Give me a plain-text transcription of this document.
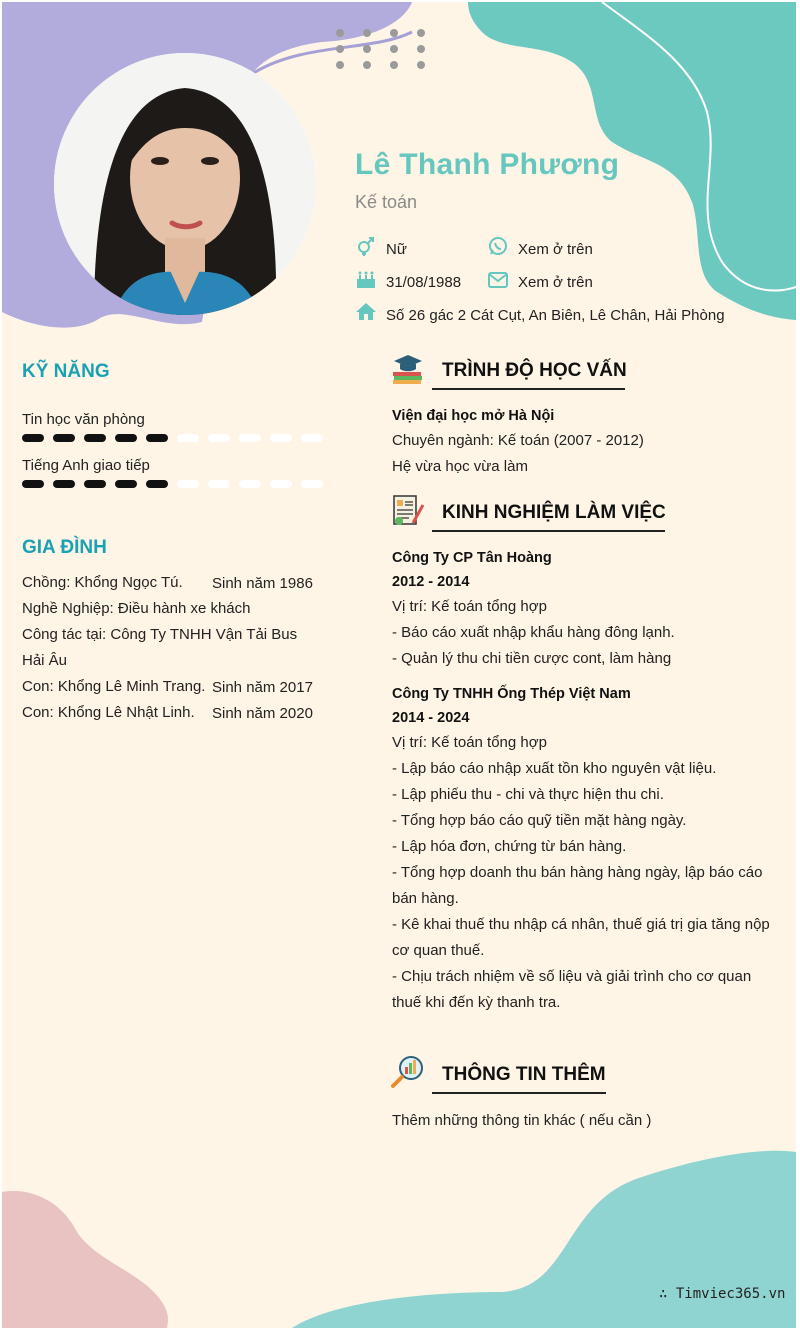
Lê Thanh Phương
Kế toán
Nữ	Xem ở trên
31/08/1988	Xem ở trên
Số 26 gác 2 Cát Cụt, An Biên, Lê Chân, Hải Phòng
KỸ NĂNG
Tin học văn phòng
Tiếng Anh giao tiếp
GIA ĐÌNH
Chồng: Khổng Ngọc Tú.	Sinh năm 1986
Nghề Nghiệp: Điều hành xe khách
Công tác tại: Công Ty TNHH Vận Tải Bus Hải Âu
Con: Khổng Lê Minh Trang. Sinh năm 2017
Con: Khổng Lê Nhật Linh.	Sinh năm 2020
TRÌNH ĐỘ HỌC VẤN
Viện đại học mở Hà Nội
Chuyên ngành: Kế toán (2007 - 2012)
Hệ vừa học vừa làm
KINH NGHIỆM LÀM VIỆC
Công Ty CP Tân Hoàng
2012 - 2014
Vị trí: Kế toán tổng hợp
- Báo cáo xuất nhập khẩu hàng đông lạnh.
- Quản lý thu chi tiền cược cont, làm hàng
Công Ty TNHH Ống Thép Việt Nam
2014 - 2024
Vị trí: Kế toán tổng hợp
- Lập báo cáo nhập xuất tồn kho nguyên vật liệu.
- Lập phiếu thu - chi và thực hiện thu chi.
- Tổng hợp báo cáo quỹ tiền mặt hàng ngày.
- Lập hóa đơn, chứng từ bán hàng.
- Tổng hợp doanh thu bán hàng hàng ngày, lập báo cáo bán hàng.
- Kê khai thuế thu nhập cá nhân, thuế giá trị gia tăng nộp cơ quan thuế.
- Chịu trách nhiệm về số liệu và giải trình cho cơ quan thuế khi đến kỳ thanh tra.
THÔNG TIN THÊM
Thêm những thông tin khác ( nếu cần )
∴ Timviec365.vn
